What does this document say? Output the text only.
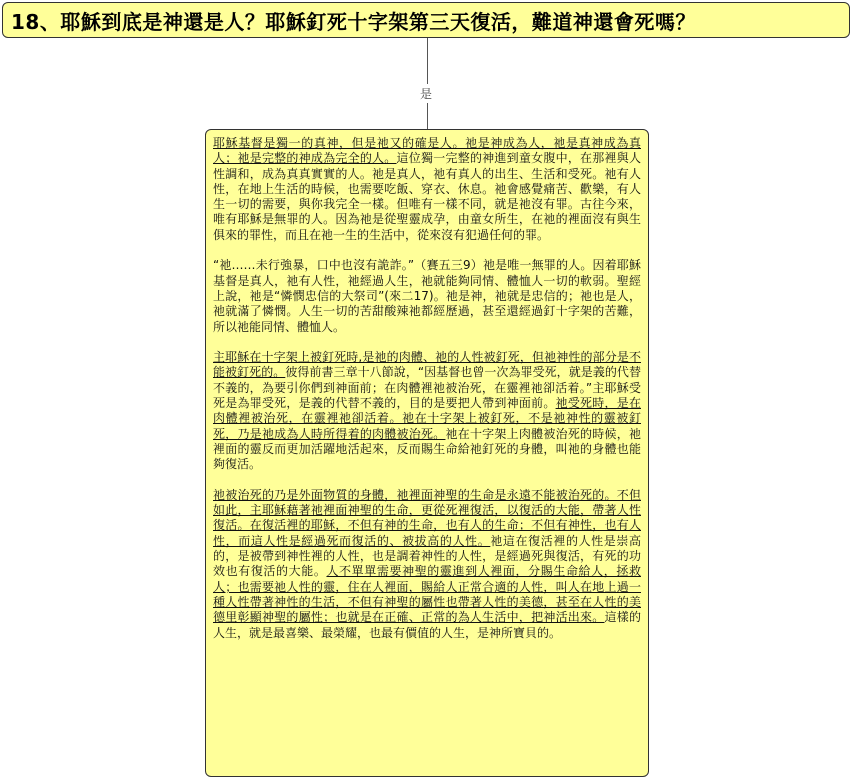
18、耶穌到底是神還是人？耶穌釘死十字架第三天復活，難道神還會死嗎？
是

耶穌基督是獨一的真神，但是祂又的確是人。祂是神成為人，祂是真神成為真人；祂是完整的神成為完全的人。這位獨一完整的神進到童女腹中，在那裡與人性調和，成為真真實實的人。祂是真人，祂有真人的出生、生活和受死。祂有人性，在地上生活的時候，也需要吃飯、穿衣、休息。祂會感覺痛苦、歡樂，有人生一切的需要，與你我完全一樣。但唯有一樣不同，就是祂沒有罪。古往今來，唯有耶穌是無罪的人。因為祂是從聖靈成孕，由童女所生，在祂的裡面沒有與生俱來的罪性，而且在祂一生的生活中，從來沒有犯過任何的罪。

“祂……未行強暴，口中也沒有詭詐。”（賽五三9）祂是唯一無罪的人。因着耶穌基督是真人，祂有人性，祂經過人生，祂就能夠同情、體恤人一切的軟弱。聖經上說，祂是“憐憫忠信的大祭司”(來二17)。祂是神，祂就是忠信的；祂也是人，祂就滿了憐憫。人生一切的苦甜酸辣祂都經歷過，甚至還經過釘十字架的苦難，所以祂能同情、體恤人。

主耶穌在十字架上被釘死時,是祂的肉體、祂的人性被釘死，但祂神性的部分是不能被釘死的。彼得前書三章十八節說，“因基督也曾一次為罪受死，就是義的代替不義的，為要引你們到神面前；在肉體裡祂被治死，在靈裡祂卻活着。”主耶穌受死是為罪受死，是義的代替不義的，目的是要把人帶到神面前。祂受死時，是在肉體裡被治死，在靈裡祂卻活着。祂在十字架上被釘死，不是祂神性的靈被釘死，乃是祂成為人時所得着的肉體被治死。祂在十字架上肉體被治死的時候，祂裡面的靈反而更加活躍地活起來，反而賜生命給祂釘死的身體，叫祂的身體也能夠復活。

祂被治死的乃是外面物質的身體，祂裡面神聖的生命是永遠不能被治死的。不但如此，主耶穌藉著祂裡面神聖的生命，更從死裡復活，以復活的大能，帶著人性復活。在復活裡的耶穌，不但有神的生命，也有人的生命；不但有神性，也有人性，而這人性是經過死而復活的、被拔高的人性。祂這在復活裡的人性是崇高的，是被帶到神性裡的人性，也是調着神性的人性，是經過死與復活，有死的功效也有復活的大能。人不單單需要神聖的靈進到人裡面，分賜生命給人，拯救人；也需要祂人性的靈，住在人裡面，賜給人正常合適的人性，叫人在地上過一種人性帶著神性的生活，不但有神聖的屬性也帶著人性的美德，甚至在人性的美德里彰顯神聖的屬性；也就是在正確、正常的為人生活中，把神活出來。這樣的人生，就是最喜樂、最榮耀，也最有價值的人生，是神所寶貝的。
